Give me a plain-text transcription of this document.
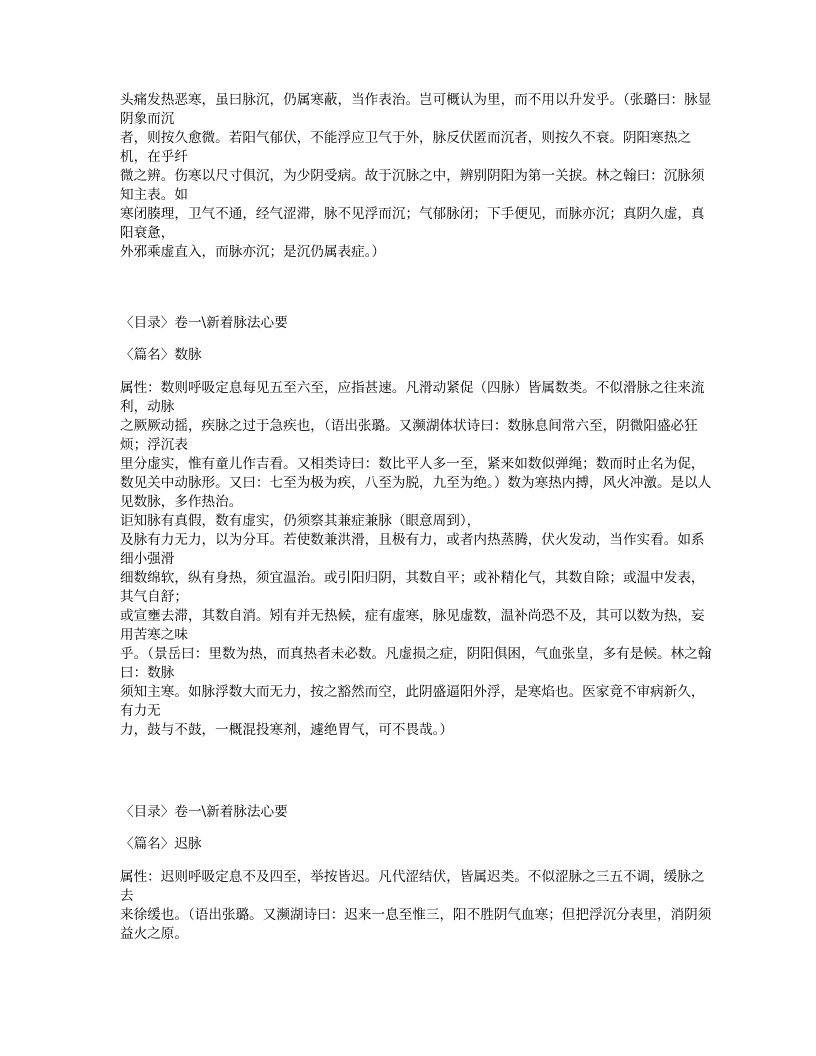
头痛发热恶寒，虽曰脉沉，仍属寒蔽，当作表治。岂可概认为里，而不用以升发乎。（张璐曰：脉显阴象而沉
者，则按久愈微。若阳气郁伏，不能浮应卫气于外，脉反伏匿而沉者，则按久不衰。阴阳寒热之机，在乎纤
微之辨。伤寒以尺寸俱沉，为少阴受病。故于沉脉之中，辨别阴阳为第一关捩。林之翰曰：沉脉须知主表。如
寒闭腠理，卫气不通，经气涩滞，脉不见浮而沉；气郁脉闭；下手便见，而脉亦沉；真阴久虚，真阳衰惫，
外邪乘虚直入，而脉亦沉；是沉仍属表症。）
〈目录〉卷一\新着脉法心要
〈篇名〉数脉
属性：数则呼吸定息每见五至六至，应指甚速。凡滑动紧促（四脉）皆属数类。不似滑脉之往来流利，动脉
之厥厥动摇，疾脉之过于急疾也，（语出张璐。又濒湖体状诗曰：数脉息间常六至，阴微阳盛必狂烦；浮沉表
里分虚实，惟有童儿作吉看。又相类诗曰：数比平人多一至，紧来如数似弹绳；数而时止名为促，
数见关中动脉形。又曰：七至为极为疾，八至为脱，九至为绝。）数为寒热内搏，风火冲激。是以人见数脉，多作热治。
讵知脉有真假，数有虚实，仍须察其兼症兼脉（眼意周到），
及脉有力无力，以为分耳。若使数兼洪滑，且极有力，或者内热蒸腾，伏火发动，当作实看。如系细小强滑
细数绵软，纵有身热，须宜温治。或引阳归阴，其数自平；或补精化气，其数自除；或温中发表，其气自舒；
或宣壅去滞，其数自消。矧有并无热候，症有虚寒，脉见虚数，温补尚恐不及，其可以数为热，妄用苦寒之味
乎。（景岳曰：里数为热，而真热者未必数。凡虚损之症，阴阳俱困，气血张皇，多有是候。林之翰曰：数脉
须知主寒。如脉浮数大而无力，按之豁然而空，此阴盛逼阳外浮，是寒焰也。医家竟不审病新久，有力无
力，鼓与不鼓，一概混投寒剂，遽绝胃气，可不畏哉。）
〈目录〉卷一\新着脉法心要
〈篇名〉迟脉
属性：迟则呼吸定息不及四至，举按皆迟。凡代涩结伏，皆属迟类。不似涩脉之三五不调，缓脉之去
来徐缓也。（语出张璐。又濒湖诗曰：迟来一息至惟三，阳不胜阴气血寒；但把浮沉分表里，消阴须益火之原。
